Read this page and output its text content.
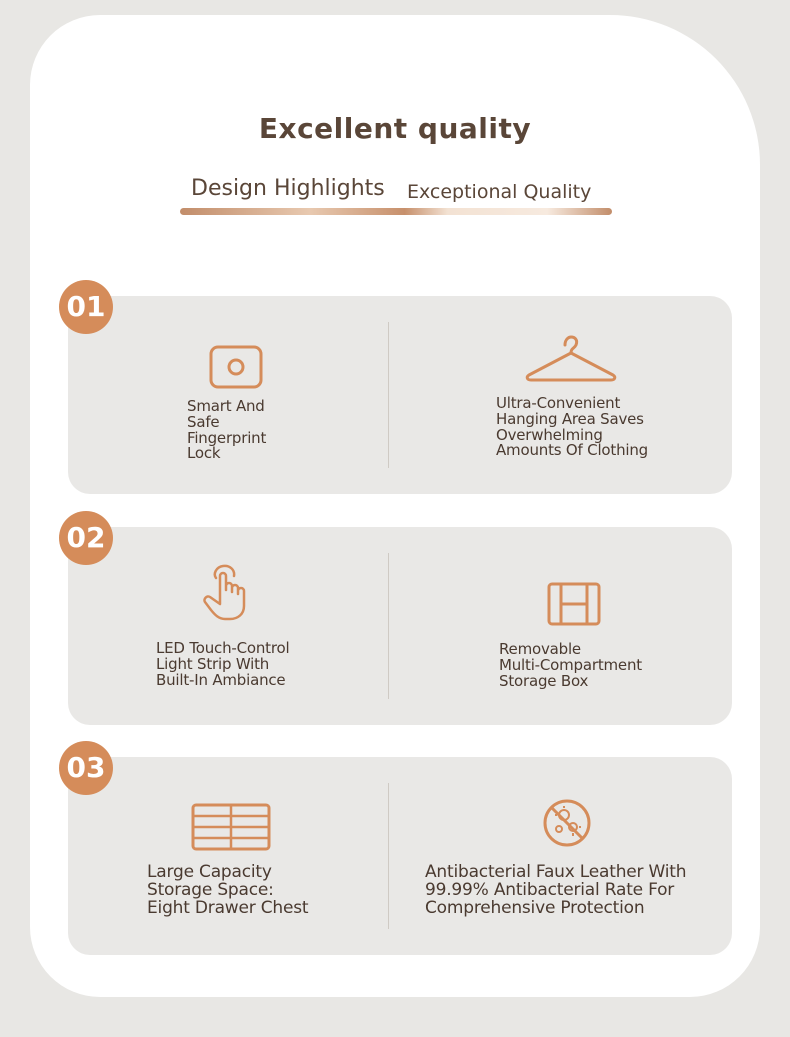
Excellent quality
Design Highlights Exceptional Quality
01
Smart And
Safe
Fingerprint
Lock
Ultra-Convenient
Hanging Area Saves
Overwhelming
Amounts Of Clothing
02
LED Touch-Control
Light Strip With
Built-In Ambiance
Removable
Multi-Compartment
Storage Box
03
Large Capacity
Storage Space:
Eight Drawer Chest
Antibacterial Faux Leather With
99.99% Antibacterial Rate For
Comprehensive Protection
